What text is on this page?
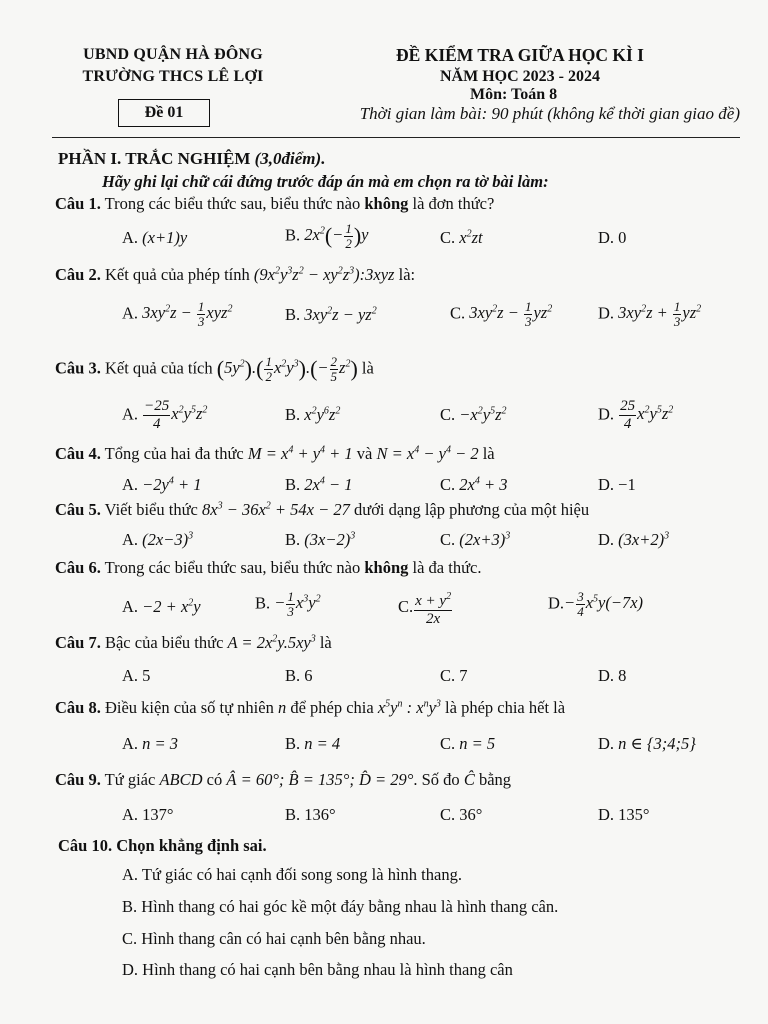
UBND QUẬN HÀ ĐÔNG
TRƯỜNG THCS LÊ LỢI
Đề 01
ĐỀ KIỂM TRA GIỮA HỌC KÌ I
NĂM HỌC 2023 - 2024
Môn: Toán 8
Thời gian làm bài: 90 phút (không kể thời gian giao đề)
PHẦN I. TRẮC NGHIỆM (3,0điểm).
Hãy ghi lại chữ cái đứng trước đáp án mà em chọn ra tờ bài làm:
Câu 1. Trong các biểu thức sau, biểu thức nào không là đơn thức?
A. (x+1)y	B. $2x^2(- \frac{1}{2} )y$	C. $x^2zt$	D. 0
Câu 2. Kết quả của phép tính ($9x^2y^3z^2$ − $xy^2z^3):3xyz$ là:
A. $3xy^2z - \frac{1}{3} xyz^2$	B. $3xy^2z - yz^2$	C. $3xy^2z - \frac{1}{3} yz^2$	D. $3xy^2z + \frac{1}{3} yz^2$
Câu 3. Kết quả của tích $(5y^2).( \frac{1}{2} x^2y^3).(- \frac{2}{5} z^2)$ là
A. $\frac{-25}{4} x^2y^5z^2$	B. $x^2y^6z^2$	C. $-x^2y^5z^2$	D. $\frac{25}{4} x^2y^5z^2$
Câu 4. Tổng của hai đa thức $M = x^4 + y^4 + 1$ và $N = x^4 - y^4 - 2$ là
A. $-2y^4 + 1$	B. $2x^4 - 1$	C. $2x^4 + 3$	D. −1
Câu 5. Viết biểu thức $8x^3 - 36x^2 + 54x - 27$ dưới dạng lập phương của một hiệu
A. $(2x-3)^3$	B. $(3x-2)^3$	C. $(2x+3)^3$	D. $(3x+2)^3$
Câu 6. Trong các biểu thức sau, biểu thức nào không là đa thức.
A. $-2 + x^2y$	B. − $\frac{1}{3} x^3y^2$	C. $\frac{x + y^2}{2x}$	$D.- \frac{3}{4} x^5y(-7x)$
Câu 7. Bậc của biểu thức $A = 2x^2y.5xy^3$ là
A. 5	B. 6	C. 7	D. 8
Câu 8. Điều kiện của số tự nhiên n để phép chia $x^5y^n$ : $x^ny^3$ là phép chia hết là
A. n = 3	B. n = 4	C. n = 5	D. n ∈ {3;4;5}
Câu 9. Tứ giác ABCD có Â = 60°; B̂ = 135°; D̂ = 29°. Số đo Ĉ bằng
A. 137°	B. 136°	C. 36°	D. 135°
Câu 10. Chọn khẳng định sai.
A. Tứ giác có hai cạnh đối song song là hình thang.
B. Hình thang có hai góc kề một đáy bằng nhau là hình thang cân.
C. Hình thang cân có hai cạnh bên bằng nhau.
D. Hình thang có hai cạnh bên bằng nhau là hình thang cân
